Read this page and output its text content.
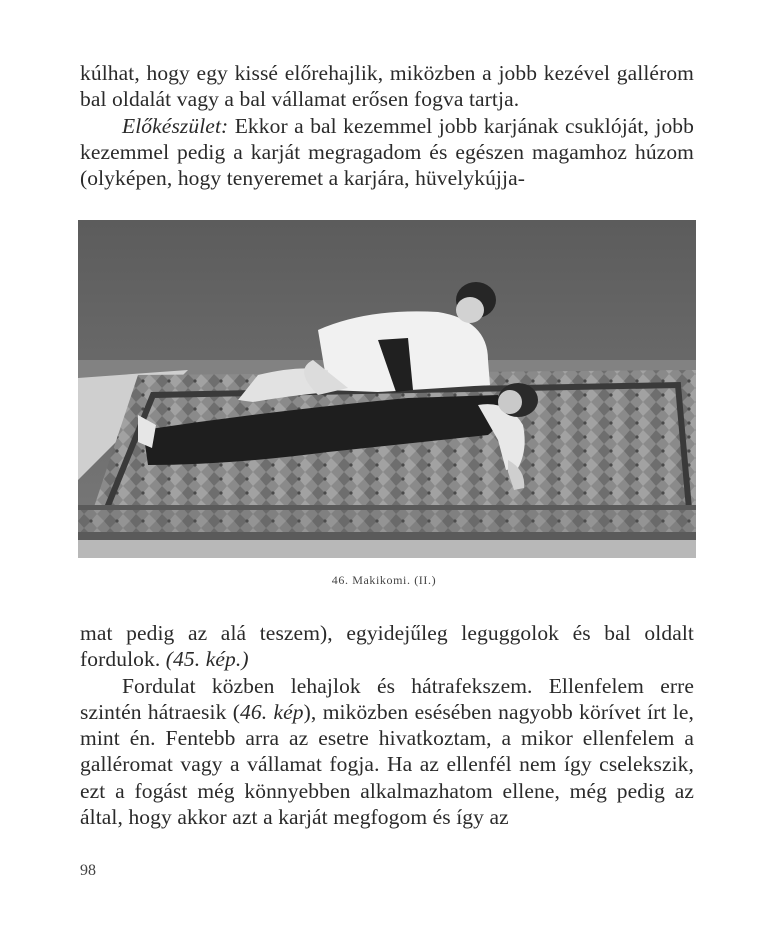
kúlhat, hogy egy kissé előrehajlik, miközben a jobb kezével gallérom bal oldalát vagy a bal vállamat erősen fogva tartja.

Előkészület: Ekkor a bal kezemmel jobb karjának csuklóját, jobb kezemmel pedig a karját megragadom és egészen magamhoz húzom (olyképen, hogy tenyeremet a karjára, hüvelykújja-

46. Makikomi. (II.)

mat pedig az alá teszem), egyidejűleg leguggolok és bal oldalt fordulok. (45. kép.)

Fordulat közben lehajlok és hátrafekszem. Ellenfelem erre szintén hátraesik (46. kép), miközben esésében nagyobb körívet írt le, mint én. Fentebb arra az esetre hivatkoztam, a mikor ellenfelem a galléromat vagy a vállamat fogja. Ha az ellenfél nem így cselekszik, ezt a fogást még könnyebben alkalmazhatom ellene, még pedig az által, hogy akkor azt a karját megfogom és így az

98
